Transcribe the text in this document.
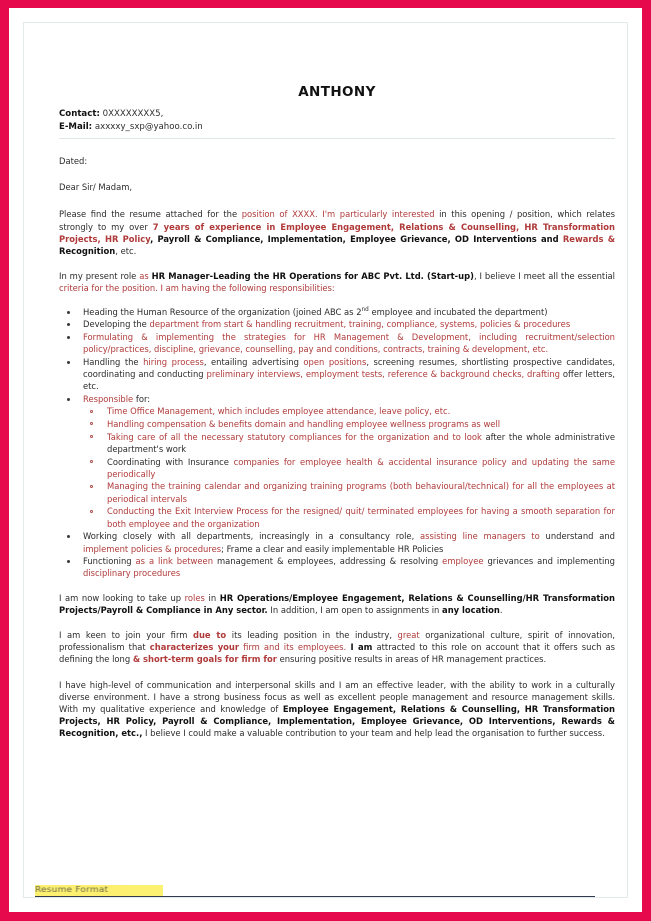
ANTHONY
Contact: 0XXXXXXXX5,
E-Mail: axxxxy_sxp@yahoo.co.in
Dated:
Dear Sir/ Madam,

Please find the resume attached for the position of XXXX. I'm particularly interested in this opening / position, which relates strongly to my over 7 years of experience in Employee Engagement, Relations & Counselling, HR Transformation Projects, HR Policy, Payroll & Compliance, Implementation, Employee Grievance, OD Interventions and Rewards & Recognition, etc.

In my present role as HR Manager-Leading the HR Operations for ABC Pvt. Ltd. (Start-up), I believe I meet all the essential criteria for the position. I am having the following responsibilities:

Heading the Human Resource of the organization (joined ABC as 2nd employee and incubated the department)
Developing the department from start & handling recruitment, training, compliance, systems, policies & procedures
Formulating & implementing the strategies for HR Management & Development, including recruitment/selection policy/practices, discipline, grievance, counselling, pay and conditions, contracts, training & development, etc.
Handling the hiring process, entailing advertising open positions, screening resumes, shortlisting prospective candidates, coordinating and conducting preliminary interviews, employment tests, reference & background checks, drafting offer letters, etc.
Responsible for:
Time Office Management, which includes employee attendance, leave policy, etc.
Handling compensation & benefits domain and handling employee wellness programs as well
Taking care of all the necessary statutory compliances for the organization and to look after the whole administrative department's work
Coordinating with Insurance companies for employee health & accidental insurance policy and updating the same periodically
Managing the training calendar and organizing training programs (both behavioural/technical) for all the employees at periodical intervals
Conducting the Exit Interview Process for the resigned/ quit/ terminated employees for having a smooth separation for both employee and the organization
Working closely with all departments, increasingly in a consultancy role, assisting line managers to understand and implement policies & procedures; Frame a clear and easily implementable HR Policies
Functioning as a link between management & employees, addressing & resolving employee grievances and implementing disciplinary procedures

I am now looking to take up roles in HR Operations/Employee Engagement, Relations & Counselling/HR Transformation Projects/Payroll & Compliance in Any sector. In addition, I am open to assignments in any location.

I am keen to join your firm due to its leading position in the industry, great organizational culture, spirit of innovation, professionalism that characterizes your firm and its employees. I am attracted to this role on account that it offers such as defining the long & short-term goals for firm for ensuring positive results in areas of HR management practices.

I have high-level of communication and interpersonal skills and I am an effective leader, with the ability to work in a culturally diverse environment. I have a strong business focus as well as excellent people management and resource management skills. With my qualitative experience and knowledge of Employee Engagement, Relations & Counselling, HR Transformation Projects, HR Policy, Payroll & Compliance, Implementation, Employee Grievance, OD Interventions, Rewards & Recognition, etc., I believe I could make a valuable contribution to your team and help lead the organisation to further success.

Resume Format
